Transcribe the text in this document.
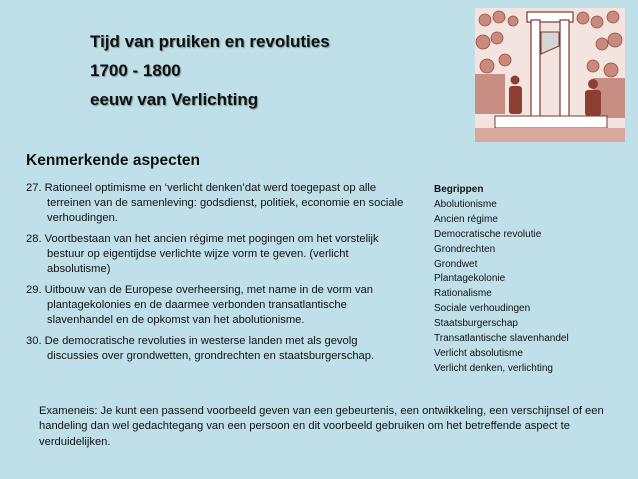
Tijd van pruiken en revoluties
1700 - 1800
eeuw van Verlichting
Kenmerkende aspecten
27. Rationeel optimisme en ‘verlicht denken’dat werd toegepast op alle terreinen van de samenleving: godsdienst, politiek, economie en sociale verhoudingen.
28. Voortbestaan van het ancien régime met pogingen om het vorstelijk bestuur op eigentijdse verlichte wijze vorm te geven. (verlicht absolutisme)
29. Uitbouw van de Europese overheersing, met name in de vorm van plantagekolonies en de daarmee verbonden transatlantische slavenhandel en de opkomst van het abolutionisme.
30. De democratische revoluties in westerse landen met als gevolg discussies over grondwetten, grondrechten en staatsburgerschap.
Begrippen
Abolutionisme
Ancien régime
Democratische revolutie
Grondrechten
Grondwet
Plantagekolonie
Rationalisme
Sociale verhoudingen
Staatsburgerschap
Transatlantische slavenhandel
Verlicht absolutisme
Verlicht denken, verlichting
Exameneis: Je kunt een passend voorbeeld geven van een gebeurtenis, een ontwikkeling, een verschijnsel of een handeling dan wel gedachtegang van een persoon en dit voorbeeld gebruiken om het betreffende aspect te verduidelijken.
